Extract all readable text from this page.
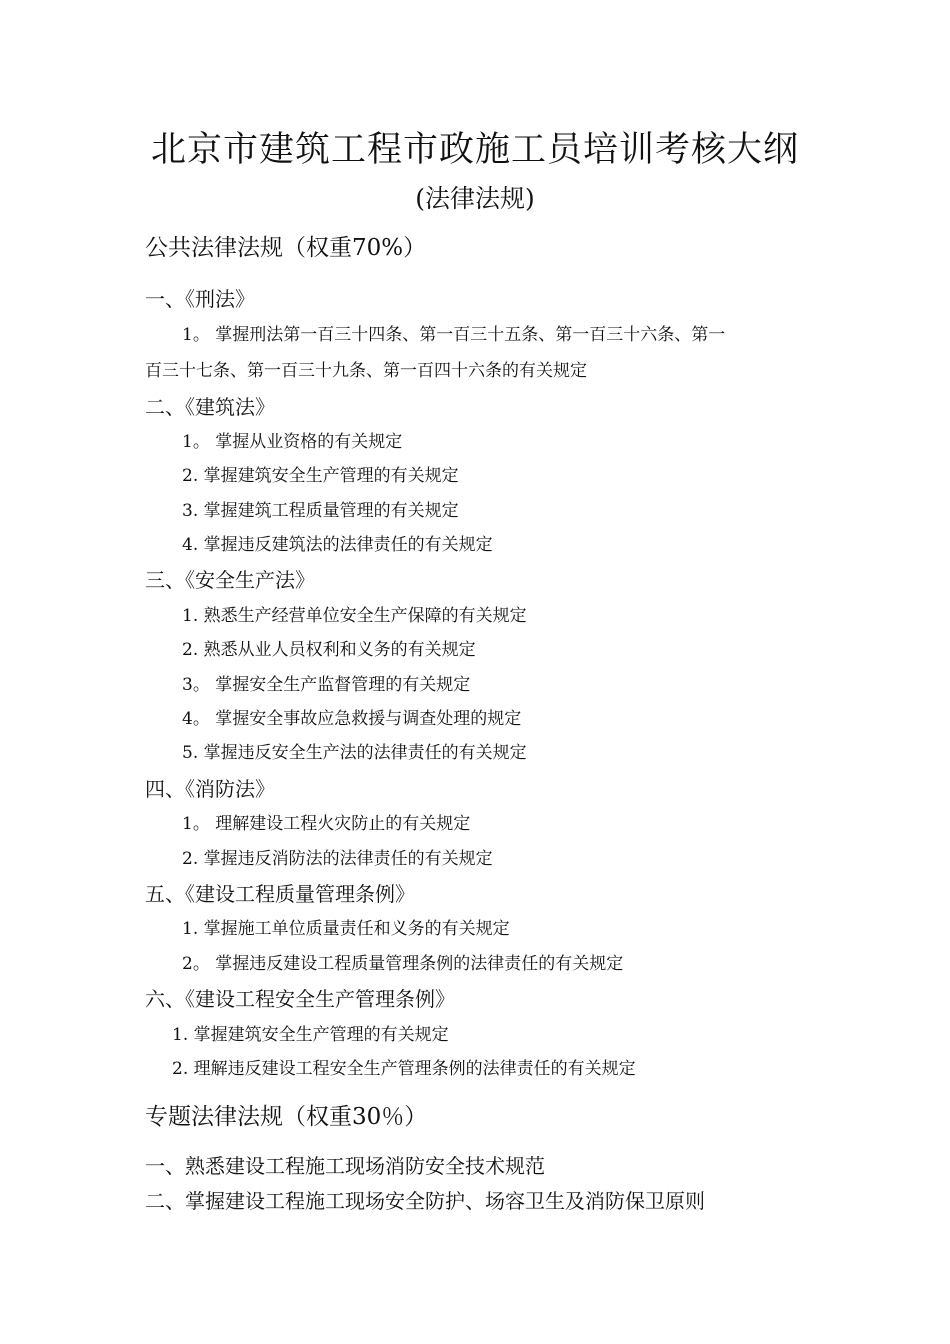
北京市建筑工程市政施工员培训考核大纲
(法律法规)
公共法律法规（权重70%）
一、《刑法》
1。 掌握刑法第一百三十四条、第一百三十五条、第一百三十六条、第一
百三十七条、第一百三十九条、第一百四十六条的有关规定
二、《建筑法》
1。 掌握从业资格的有关规定
2. 掌握建筑安全生产管理的有关规定
3. 掌握建筑工程质量管理的有关规定
4. 掌握违反建筑法的法律责任的有关规定
三、《安全生产法》
1. 熟悉生产经营单位安全生产保障的有关规定
2. 熟悉从业人员权利和义务的有关规定
3。 掌握安全生产监督管理的有关规定
4。 掌握安全事故应急救援与调查处理的规定
5. 掌握违反安全生产法的法律责任的有关规定
四、《消防法》
1。 理解建设工程火灾防止的有关规定
2. 掌握违反消防法的法律责任的有关规定
五、《建设工程质量管理条例》
1. 掌握施工单位质量责任和义务的有关规定
2。 掌握违反建设工程质量管理条例的法律责任的有关规定
六、《建设工程安全生产管理条例》
1. 掌握建筑安全生产管理的有关规定
2. 理解违反建设工程安全生产管理条例的法律责任的有关规定
专题法律法规（权重30％）
一、熟悉建设工程施工现场消防安全技术规范
二、掌握建设工程施工现场安全防护、场容卫生及消防保卫原则
